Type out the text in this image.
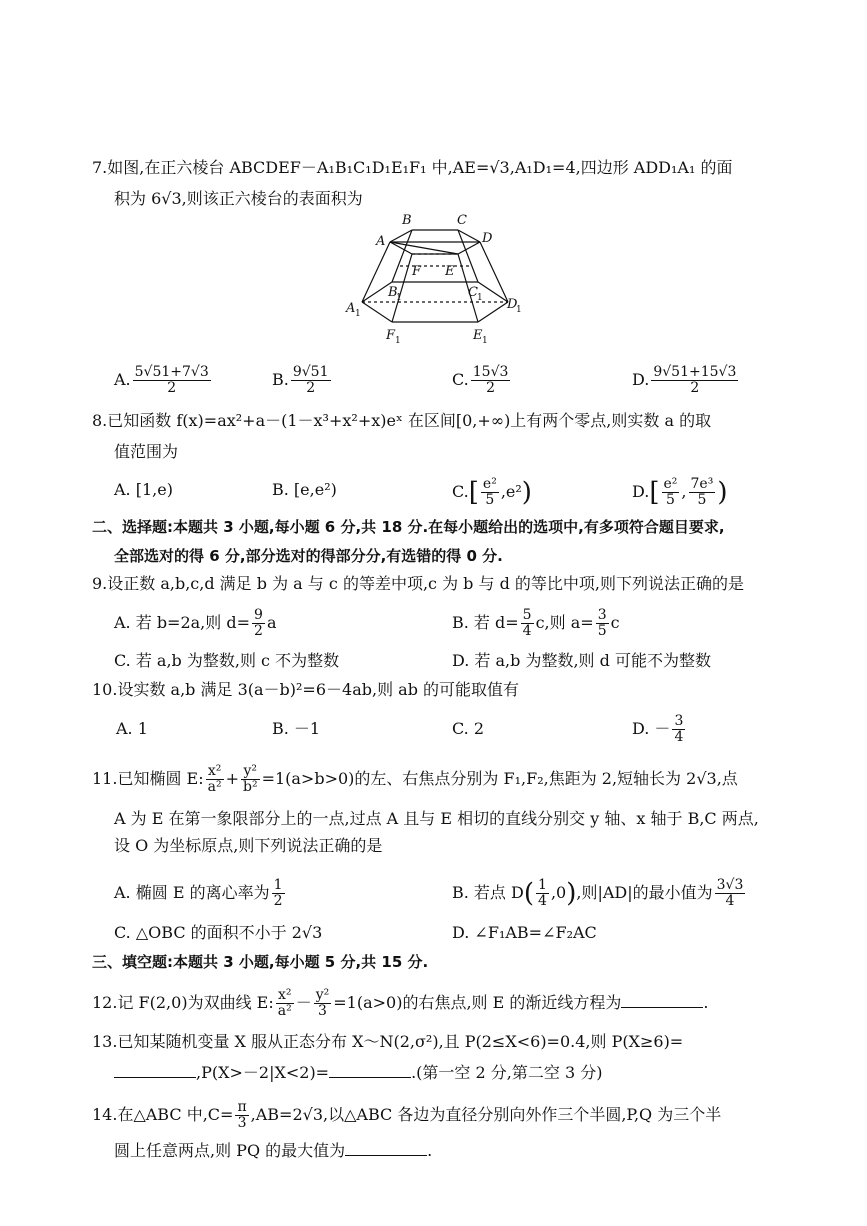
7.如图,在正六棱台 ABCDEF－A₁B₁C₁D₁E₁F₁ 中,AE=√3,A₁D₁=4,四边形 ADD₁A₁ 的面
积为 6√3,则该正六棱台的表面积为
B	C
A	D
F E
B
1	C 1
A 1
D
1
F 1	E 1
A. $\frac{5√51+7√3}{2}$	B. $\frac{9√51}{2}$	C. $\frac{15√3}{2}$	D. $\frac{9√51+15√3}{2}$
8.已知函数 f(x)=ax²+a－(1－x³+x²+x)eˣ 在区间[0,+∞)上有两个零点,则实数 a 的取
值范围为
A. [1,e)	B. [e,e²)	$C.[ \frac{\text{e²}}{5} ,e^2)$	$D.[ \frac{\text{e²}}{5}$ , $\frac{\text{7e³}}{5}$ )
二、选择题:本题共 3 小题,每小题 6 分,共 18 分.在每小题给出的选项中,有多项符合题目要求,
全部选对的得 6 分,部分选对的得部分分,有选错的得 0 分.
9.设正数 a,b,c,d 满足 b 为 a 与 c 的等差中项,c 为 b 与 d 的等比中项,则下列说法正确的是
A. 若 b=2a,则 $d= \frac{9}{2}$ a	B. 若 $d= \frac{5}{4} c$,则 $a= \frac{3}{5}$ c
C. 若 a,b 为整数,则 c 不为整数	D. 若 a,b 为整数,则 d 可能不为整数
10.设实数 a,b 满足 3(a－b)²=6－4ab,则 ab 的可能取值有
A. 1	B. －1	C. 2	D. － $\frac{3}{4}$
11.已知椭圆 E: $\frac{\text{x²}}{\text{a²}} + \frac{\text{y²}}{\text{b²}} =1(a>b>0)$的左、右焦点分别为 F₁,F₂,焦距为 2,短轴长为 2√3,点
A 为 E 在第一象限部分上的一点,过点 A 且与 E 相切的直线分别交 y 轴、x 轴于 B,C 两点,
设 O 为坐标原点,则下列说法正确的是
A. 椭圆 E 的离心率为 $\frac{1}{2}$	B. 若点 $D( \frac{1}{4} ,0)$,则|AD|的最小值为 $\frac{3√3}{4}$
C. △OBC 的面积不小于 2√3	D. ∠F₁AB=∠F₂AC
三、填空题:本题共 3 小题,每小题 5 分,共 15 分.
12.记 F(2,0)为双曲线 E: $\frac{\text{x²}}{\text{a²}} - \frac{\text{y²}}{3} =1(a>0)$的右焦点,则 E 的渐近线方程为	.
13.已知某随机变量 X 服从正态分布 X～N(2,σ²),且 P(2≤X<6)=0.4,则 P(X≥6)=
,P(X>－2|X<2)=	.(第一空 2 分,第二空 3 分)
14.在△ABC 中$,C= \frac{\pi}{3} ,AB=2√3$,以△ABC 各边为直径分别向外作三个半圆,P,Q 为三个半
圆上任意两点,则 PQ 的最大值为	.
